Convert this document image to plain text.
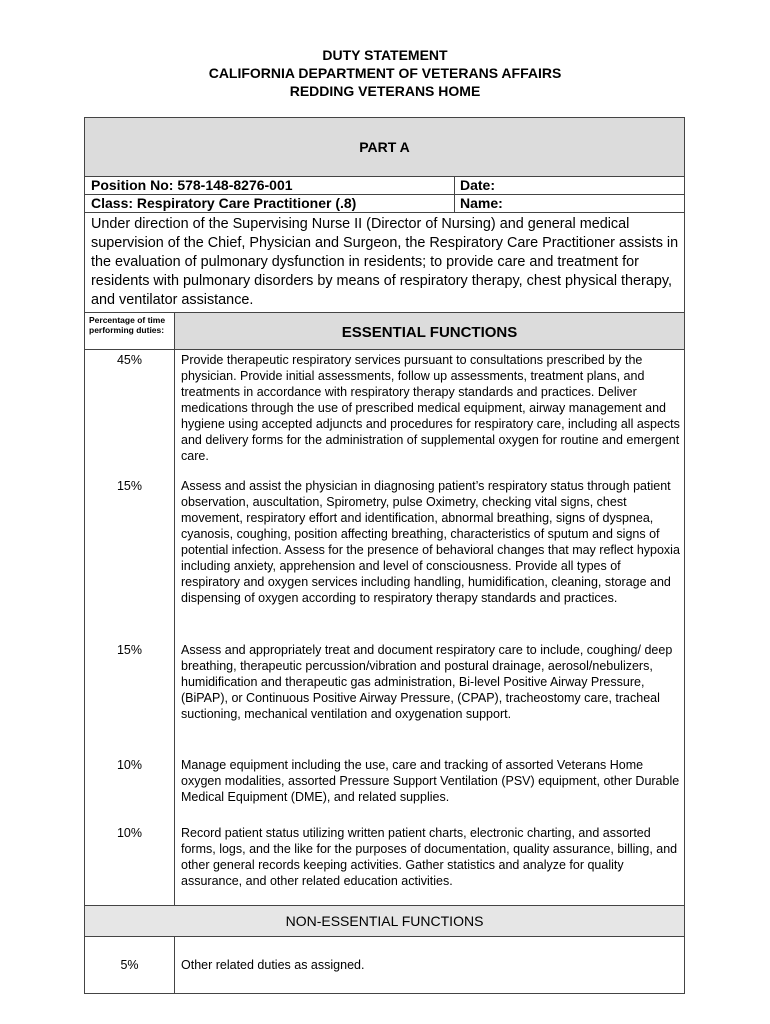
DUTY STATEMENT
CALIFORNIA DEPARTMENT OF VETERANS AFFAIRS
REDDING VETERANS HOME
PART A
Position No: 578-148-8276-001	Date:
Class: Respiratory Care Practitioner (.8)	Name:
Under direction of the Supervising Nurse II (Director of Nursing) and general medical supervision of the Chief, Physician and Surgeon, the Respiratory Care Practitioner assists in the evaluation of pulmonary dysfunction in residents; to provide care and treatment for residents with pulmonary disorders by means of respiratory therapy, chest physical therapy, and ventilator assistance.
Percentage of time performing duties:	ESSENTIAL FUNCTIONS
45%	Provide therapeutic respiratory services pursuant to consultations prescribed by the physician. Provide initial assessments, follow up assessments, treatment plans, and treatments in accordance with respiratory therapy standards and practices. Deliver medications through the use of prescribed medical equipment, airway management and hygiene using accepted adjuncts and procedures for respiratory care, including all aspects and delivery forms for the administration of supplemental oxygen for routine and emergent care.
15%	Assess and assist the physician in diagnosing patient’s respiratory status through patient observation, auscultation, Spirometry, pulse Oximetry, checking vital signs, chest movement, respiratory effort and identification, abnormal breathing, signs of dyspnea, cyanosis, coughing, position affecting breathing, characteristics of sputum and signs of potential infection. Assess for the presence of behavioral changes that may reflect hypoxia including anxiety, apprehension and level of consciousness. Provide all types of respiratory and oxygen services including handling, humidification, cleaning, storage and dispensing of oxygen according to respiratory therapy standards and practices.
15%	Assess and appropriately treat and document respiratory care to include, coughing/ deep breathing, therapeutic percussion/vibration and postural drainage, aerosol/nebulizers, humidification and therapeutic gas administration, Bi-level Positive Airway Pressure, (BiPAP), or Continuous Positive Airway Pressure, (CPAP), tracheostomy care, tracheal suctioning, mechanical ventilation and oxygenation support.
10%	Manage equipment including the use, care and tracking of assorted Veterans Home oxygen modalities, assorted Pressure Support Ventilation (PSV) equipment, other Durable Medical Equipment (DME), and related supplies.
10%	Record patient status utilizing written patient charts, electronic charting, and assorted forms, logs, and the like for the purposes of documentation, quality assurance, billing, and other general records keeping activities. Gather statistics and analyze for quality assurance, and other related education activities.
NON-ESSENTIAL FUNCTIONS
5%	Other related duties as assigned.
